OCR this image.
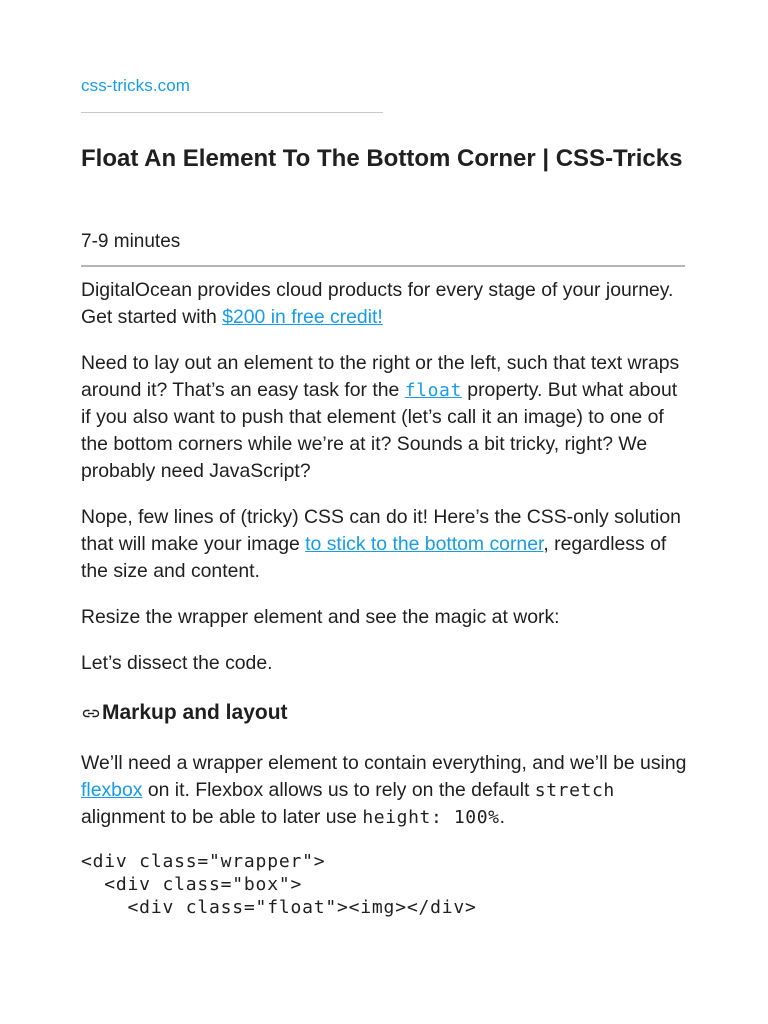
css-tricks.com
Float An Element To The Bottom Corner | CSS-Tricks
7-9 minutes

DigitalOcean provides cloud products for every stage of your journey. Get started with $200 in free credit!

Need to lay out an element to the right or the left, such that text wraps around it? That’s an easy task for the float property. But what about if you also want to push that element (let’s call it an image) to one of the bottom corners while we’re at it? Sounds a bit tricky, right? We probably need JavaScript?

Nope, few lines of (tricky) CSS can do it! Here’s the CSS-only solution that will make your image to stick to the bottom corner, regardless of the size and content.

Resize the wrapper element and see the magic at work:

Let’s dissect the code.

Markup and layout

We’ll need a wrapper element to contain everything, and we’ll be using flexbox on it. Flexbox allows us to rely on the default stretch alignment to be able to later use height: 100%.

<div class="wrapper">
<div class="box">
<div class="float"><img></div>
